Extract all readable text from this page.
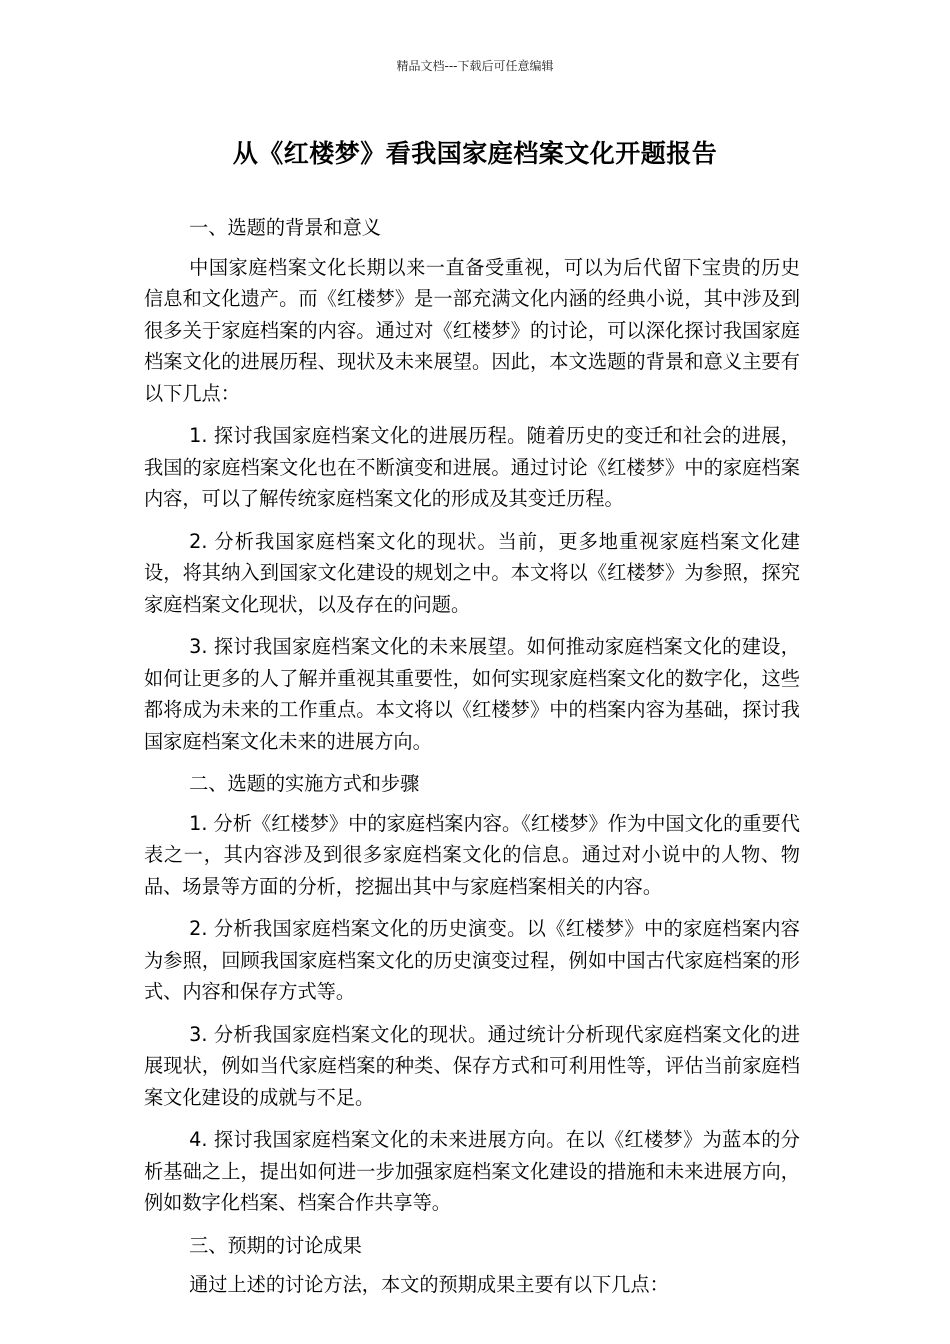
精品文档---下载后可任意编辑
从《红楼梦》看我国家庭档案文化开题报告

一、选题的背景和意义

中国家庭档案文化长期以来一直备受重视，可以为后代留下宝贵的历史信息和文化遗产。而《红楼梦》是一部充满文化内涵的经典小说，其中涉及到很多关于家庭档案的内容。通过对《红楼梦》的讨论，可以深化探讨我国家庭档案文化的进展历程、现状及未来展望。因此，本文选题的背景和意义主要有以下几点：

1. 探讨我国家庭档案文化的进展历程。随着历史的变迁和社会的进展，我国的家庭档案文化也在不断演变和进展。通过讨论《红楼梦》中的家庭档案内容，可以了解传统家庭档案文化的形成及其变迁历程。

2. 分析我国家庭档案文化的现状。当前，更多地重视家庭档案文化建设，将其纳入到国家文化建设的规划之中。本文将以《红楼梦》为参照，探究家庭档案文化现状，以及存在的问题。

3. 探讨我国家庭档案文化的未来展望。如何推动家庭档案文化的建设，如何让更多的人了解并重视其重要性，如何实现家庭档案文化的数字化，这些都将成为未来的工作重点。本文将以《红楼梦》中的档案内容为基础，探讨我国家庭档案文化未来的进展方向。

二、选题的实施方式和步骤

1. 分析《红楼梦》中的家庭档案内容。《红楼梦》作为中国文化的重要代表之一，其内容涉及到很多家庭档案文化的信息。通过对小说中的人物、物品、场景等方面的分析，挖掘出其中与家庭档案相关的内容。

2. 分析我国家庭档案文化的历史演变。以《红楼梦》中的家庭档案内容为参照，回顾我国家庭档案文化的历史演变过程，例如中国古代家庭档案的形式、内容和保存方式等。

3. 分析我国家庭档案文化的现状。通过统计分析现代家庭档案文化的进展现状，例如当代家庭档案的种类、保存方式和可利用性等，评估当前家庭档案文化建设的成就与不足。

4. 探讨我国家庭档案文化的未来进展方向。在以《红楼梦》为蓝本的分析基础之上，提出如何进一步加强家庭档案文化建设的措施和未来进展方向，例如数字化档案、档案合作共享等。

三、预期的讨论成果

通过上述的讨论方法，本文的预期成果主要有以下几点：
